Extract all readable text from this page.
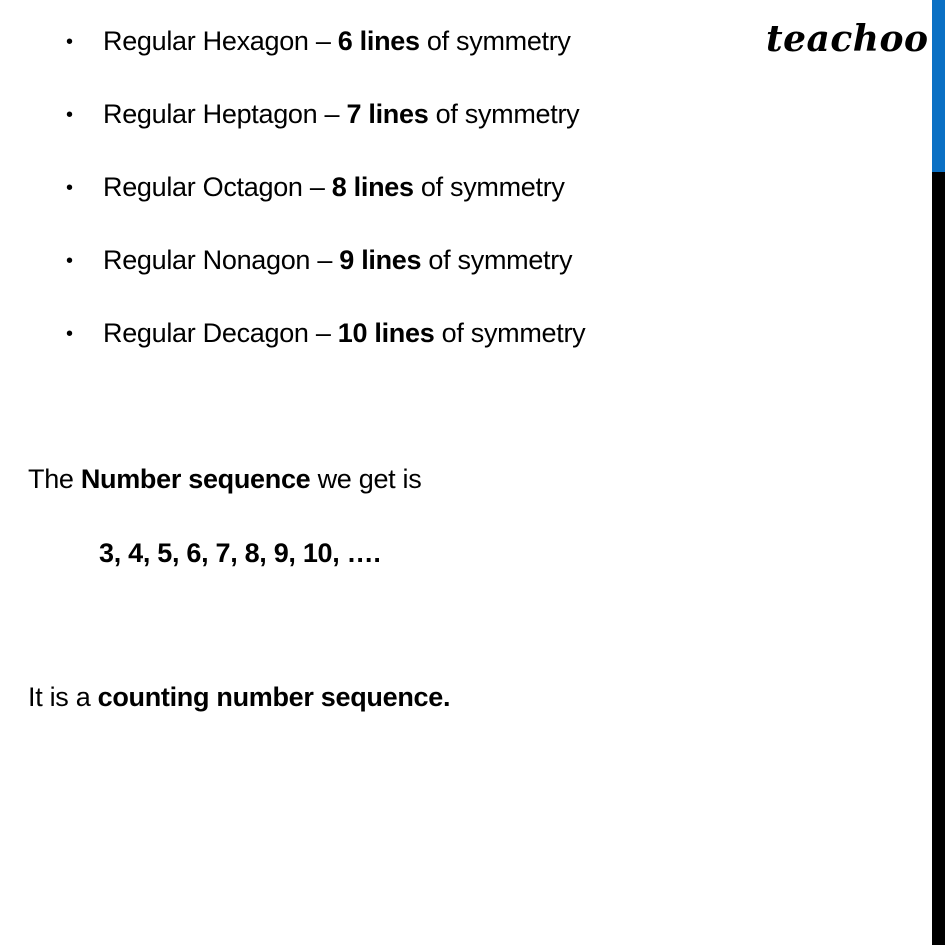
• Regular Hexagon – 6 lines of symmetry
• Regular Heptagon – 7 lines of symmetry
• Regular Octagon – 8 lines of symmetry
• Regular Nonagon – 9 lines of symmetry
• Regular Decagon – 10 lines of symmetry
teachoo
The Number sequence we get is
3, 4, 5, 6, 7, 8, 9, 10, ….
It is a counting number sequence.
